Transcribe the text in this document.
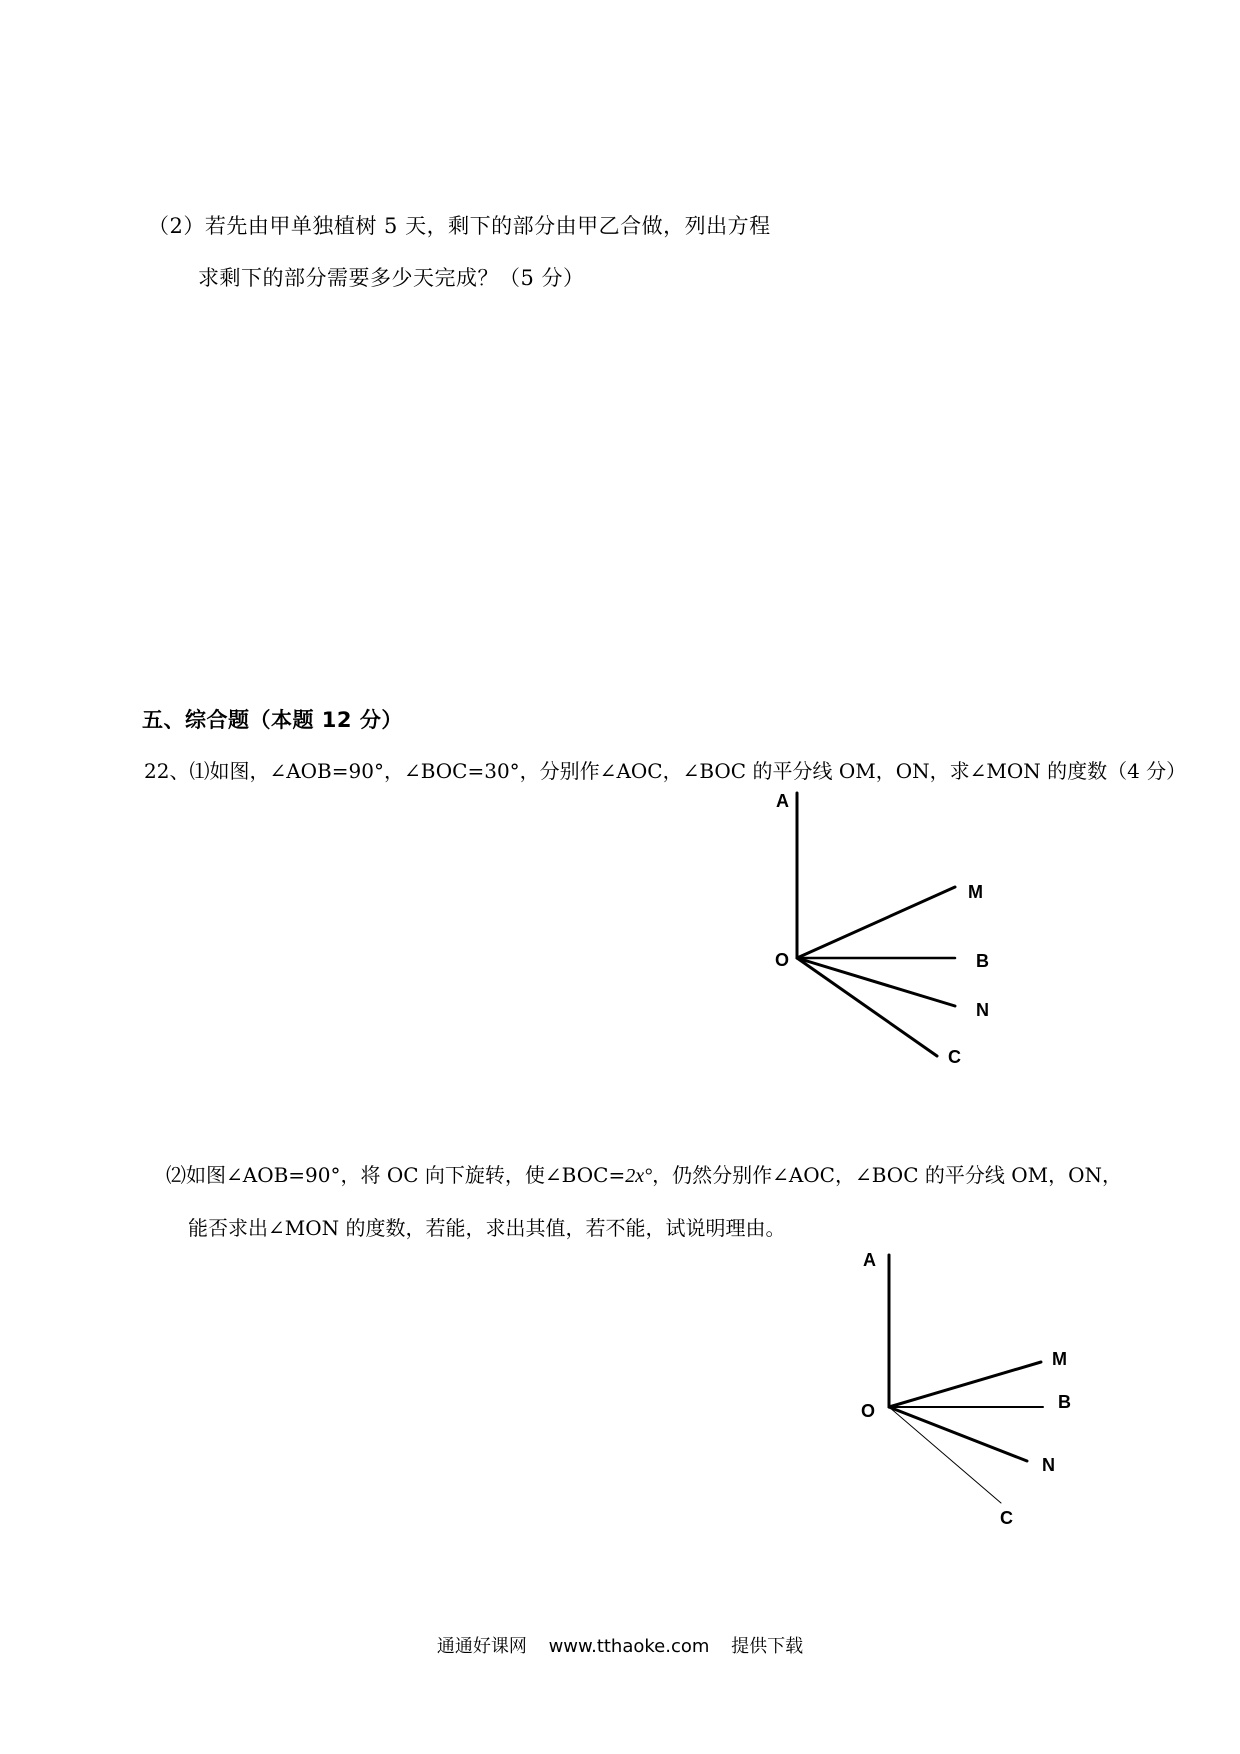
（2）若先由甲单独植树 5 天，剩下的部分由甲乙合做，列出方程
求剩下的部分需要多少天完成？（5 分）
五、综合题（本题 12 分）
22、⑴如图，∠AOB=90°，∠BOC=30°，分别作∠AOC，∠BOC 的平分线 OM，ON，求∠MON 的度数（4 分）
A
M
O	B
N
C
⑵如图∠AOB=90°，将 OC 向下旋转，使∠BOC=2x°，仍然分别作∠AOC，∠BOC 的平分线 OM，ON，
能否求出∠MON 的度数，若能，求出其值，若不能，试说明理由。
A
M
O	B
N
C
通通好课网 www.tthaoke.com 提供下载
